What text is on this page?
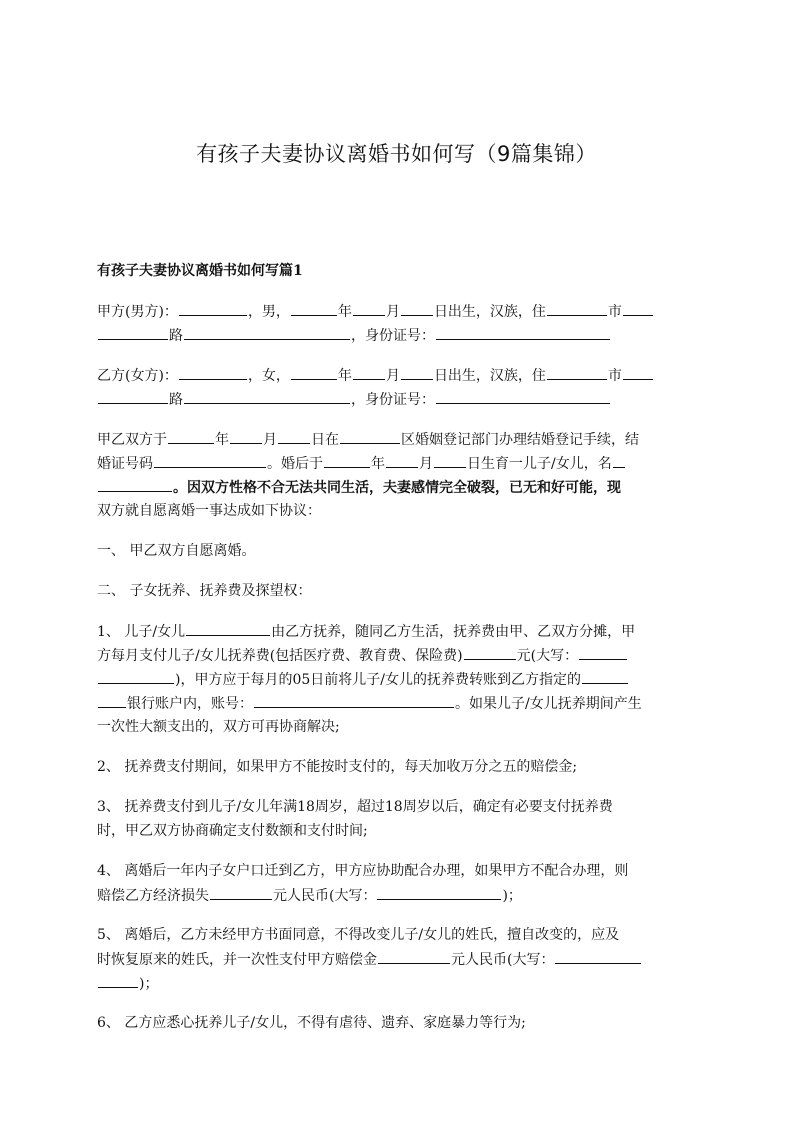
有孩子夫妻协议离婚书如何写（9篇集锦）
有孩子夫妻协议离婚书如何写篇1
甲方(男方)：	，男，	年 月 日出生，汉族，住	市
路	，身份证号：
乙方(女方)：	，女，	年 月 日出生，汉族，住	市
路	，身份证号：
甲乙双方于	年 月 日在	区婚姻登记部门办理结婚登记手续，结
婚证号码	。婚后于	年 月 日生育一儿子/女儿，名
。因双方性格不合无法共同生活，夫妻感情完全破裂，已无和好可能，现
双方就自愿离婚一事达成如下协议：
一、 甲乙双方自愿离婚。
二、 子女抚养、抚养费及探望权：
1、 儿子/女儿	由乙方抚养，随同乙方生活，抚养费由甲、乙双方分摊，甲
方每月支付儿子/女儿抚养费(包括医疗费、教育费、保险费)	元(大写：
)，甲方应于每月的05日前将儿子/女儿的抚养费转账到乙方指定的
银行账户内，账号：	。如果儿子/女儿抚养期间产生
一次性大额支出的，双方可再协商解决;
2、 抚养费支付期间，如果甲方不能按时支付的，每天加收万分之五的赔偿金;
3、 抚养费支付到儿子/女儿年满18周岁，超过18周岁以后，确定有必要支付抚养费
时，甲乙双方协商确定支付数额和支付时间;
4、 离婚后一年内子女户口迁到乙方，甲方应协助配合办理，如果甲方不配合办理，则
赔偿乙方经济损失	元人民币(大写：	)；
5、 离婚后，乙方未经甲方书面同意，不得改变儿子/女儿的姓氏，擅自改变的，应及
时恢复原来的姓氏，并一次性支付甲方赔偿金	元人民币(大写：
)；
6、 乙方应悉心抚养儿子/女儿，不得有虐待、遗弃、家庭暴力等行为;
